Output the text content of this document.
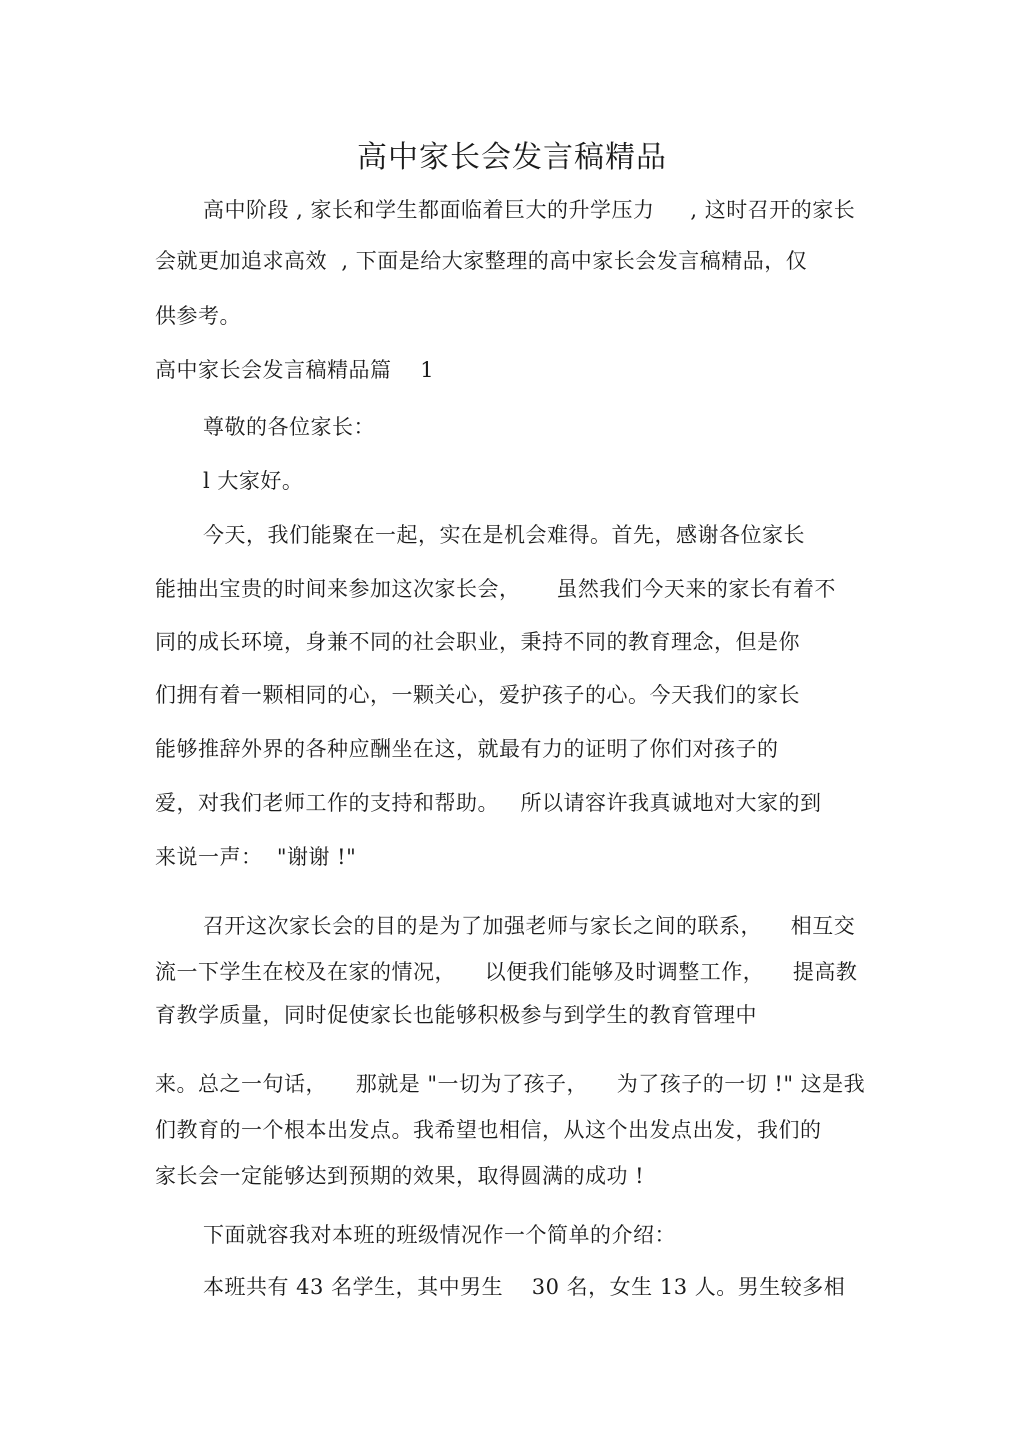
高中家长会发言稿精品
高中阶段 , 家长和学生都面临着巨大的升学压力     , 这时召开的家长
会就更加追求高效  , 下面是给大家整理的高中家长会发言稿精品，仅
供参考。
高中家长会发言稿精品篇    1
尊敬的各位家长：
l 大家好。
今天，我们能聚在一起，实在是机会难得。首先，感谢各位家长
能抽出宝贵的时间来参加这次家长会，     虽然我们今天来的家长有着不
同的成长环境，身兼不同的社会职业，秉持不同的教育理念，但是你
们拥有着一颗相同的心，一颗关心，爱护孩子的心。今天我们的家长
能够推辞外界的各种应酬坐在这，就最有力的证明了你们对孩子的
爱，对我们老师工作的支持和帮助。   所以请容许我真诚地对大家的到
来说一声：  "谢谢 !"
召开这次家长会的目的是为了加强老师与家长之间的联系，    相互交
流一下学生在校及在家的情况，    以便我们能够及时调整工作，    提高教
育教学质量，同时促使家长也能够积极参与到学生的教育管理中
来。总之一句话，    那就是 "一切为了孩子，    为了孩子的一切 !" 这是我
们教育的一个根本出发点。我希望也相信，从这个出发点出发，我们的
家长会一定能够达到预期的效果，取得圆满的成功 !
下面就容我对本班的班级情况作一个简单的介绍：
本班共有 43 名学生，其中男生    30 名，女生 13 人。男生较多相
